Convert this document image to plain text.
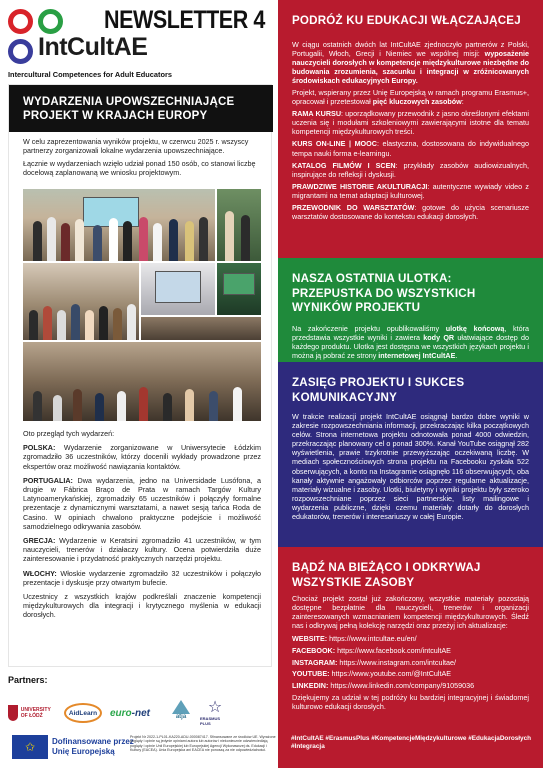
IntCultAE
NEWSLETTER 4
Intercultural Competences for Adult Educators
WYDARZENIA UPOWSZECHNIAJĄCE PROJEKT W KRAJACH EUROPY

W celu zaprezentowania wyników projektu, w czerwcu 2025 r. wszyscy partnerzy zorganizowali lokalne wydarzenia upowszechniające.

Łącznie w wydarzeniach wzięło udział ponad 150 osób, co stanowi liczbę docelową zaplanowaną we wniosku projektowym.

Oto przegląd tych wydarzeń:

POLSKA: Wydarzenie zorganizowane w Uniwersytecie Łódzkim zgromadziło 36 uczestników, którzy docenili wykłady prowadzone przez ekspertów oraz możliwość nawiązania kontaktów.

PORTUGALIA: Dwa wydarzenia, jedno na Universidade Lusófona, a drugie w Fábrica Braço de Prata w ramach Targów Kultury Latynoamerykańskiej, zgromadziły 65 uczestników i połączyły formalne prezentacje z dynamicznymi warsztatami, a nawet sesją tańca Roda de Casino. W opiniach chwalono praktyczne podejście i możliwość samodzielnego odkrywania zasobów.

GRECJA: Wydarzenie w Keratsini zgromadziło 41 uczestników, w tym nauczycieli, trenerów i działaczy kultury. Ocena potwierdziła duże zainteresowanie i przydatność praktycznych narzędzi projektu.

WŁOCHY: Włoskie wydarzenie zgromadziło 32 uczestników i połączyło prezentacje i dyskusje przy otwartym bufecie.

Uczestnicy z wszystkich krajów podkreślali znaczenie kompetencji międzykulturowych dla integracji i krytycznego myślenia w edukacji dorosłych.

Partners:
UNIVERSITY OF ŁÓDŹ	AidLearn	euro -net	atja
☆
ERASMUS PLUS
✩ Dofinansowane przez
Unię Europejską
Projekt Nr 2022-1-PL01-KA220-ADU-000087417. Sfinansowane ze środków UE. Wyrażone poglądy i opinie są jedynie opiniami autora lub autorów i niekoniecznie odzwierciedlają poglądy i opinie Unii Europejskiej lub Europejskiej Agencji Wykonawczej ds. Edukacji i Kultury (EACEA). Unia Europejska ani EACEA nie ponoszą za nie odpowiedzialności.
PODRÓŻ KU EDUKACJI WŁĄCZAJĄCEJ

W ciągu ostatnich dwóch lat IntCultAE zjednoczyło partnerów z Polski, Portugalii, Włoch, Grecji i Niemiec we wspólnej misji: wyposażenie nauczycieli dorosłych w kompetencje międzykulturowe niezbędne do budowania zrozumienia, szacunku i integracji w zróżnicowanych środowiskach edukacyjnych Europy.

Projekt, wspierany przez Unię Europejską w ramach programu Erasmus+, opracował i przetestował pięć kluczowych zasobów:

RAMA KURSU: uporządkowany przewodnik z jasno określonymi efektami uczenia się i modułami szkoleniowymi zawierającymi istotne dla tematu kompetencji międzykulturowych treści.

KURS ON-LINE | MOOC: elastyczna, dostosowana do indywidualnego tempa nauki forma e-learningu.

KATALOG FILMÓW I SCEN: przykłady zasobów audiowizualnych, inspirujące do refleksji i dyskusji.

PRAWDZIWE HISTORIE AKULTURACJI: autentyczne wywiady video z migrantami na temat adaptacji kulturowej.

PRZEWODNIK DO WARSZTATÓW: gotowe do użycia scenariusze warsztatów dostosowane do kontekstu edukacji dorosłych.

NASZA OSTATNIA ULOTKA: PRZEPUSTKA DO WSZYSTKICH WYNIKÓW PROJEKTU

Na zakończenie projektu opublikowaliśmy ulotkę końcową, która przedstawia wszystkie wyniki i zawiera kody QR ułatwiające dostęp do każdego produktu. Ulotka jest dostępna we wszystkich językach projektu i można ją pobrać ze strony internetowej IntCultAE.

ZASIĘG PROJEKTU I SUKCES KOMUNIKACYJNY

W trakcie realizacji projekt IntCultAE osiągnął bardzo dobre wyniki w zakresie rozpowszechniania informacji, przekraczając kilka początkowych celów. Strona internetowa projektu odnotowała ponad 4000 odwiedzin, przekraczając planowany cel o ponad 300%. Kanał YouTube osiągnął 282 wyświetlenia, prawie trzykrotnie przewyższając oczekiwaną liczbę. W mediach społecznościowych strona projektu na Facebooku zyskała 522 obserwujących, a konto na Instagramie osiągnęło 116 obserwujących, oba kanały aktywnie angażowały odbiorców poprzez regularne aktualizacje, materiały wizualne i zasoby. Ulotki, biuletyny i wyniki projektu były szeroko rozpowszechniane poprzez sieci partnerskie, listy mailingowe i wydarzenia publiczne, dzięki czemu materiały dotarły do dorosłych edukatorów, trenerów i interesariuszy w całej Europie.

BĄDŹ NA BIEŻĄCO I ODKRYWAJ WSZYSTKIE ZASOBY

Chociaż projekt został już zakończony, wszystkie materiały pozostają dostępne bezpłatnie dla nauczycieli, trenerów i organizacji zainteresowanych wzmacnianiem kompetencji międzykulturowych. Śledź nas i odkrywaj pełną kolekcję narzędzi oraz przeżyj ich aktualizacje:

WEBSITE: https://www.intcultae.eu/en/
FACEBOOK: https://www.facebook.com/intcultAE
INSTAGRAM: https://www.instagram.com/intcultae/
YOUTUBE: https://www.youtube.com/@IntCultAE
LINKEDIN: https://www.linkedin.com/company/91059036

Dziękujemy za udział w tej podróży ku bardziej integracyjnej i świadomej kulturowo edukacji dorosłych.

#IntCultAE #ErasmusPlus #KompetencjeMiędzykulturowe #EdukacjaDorosłych #Integracja
